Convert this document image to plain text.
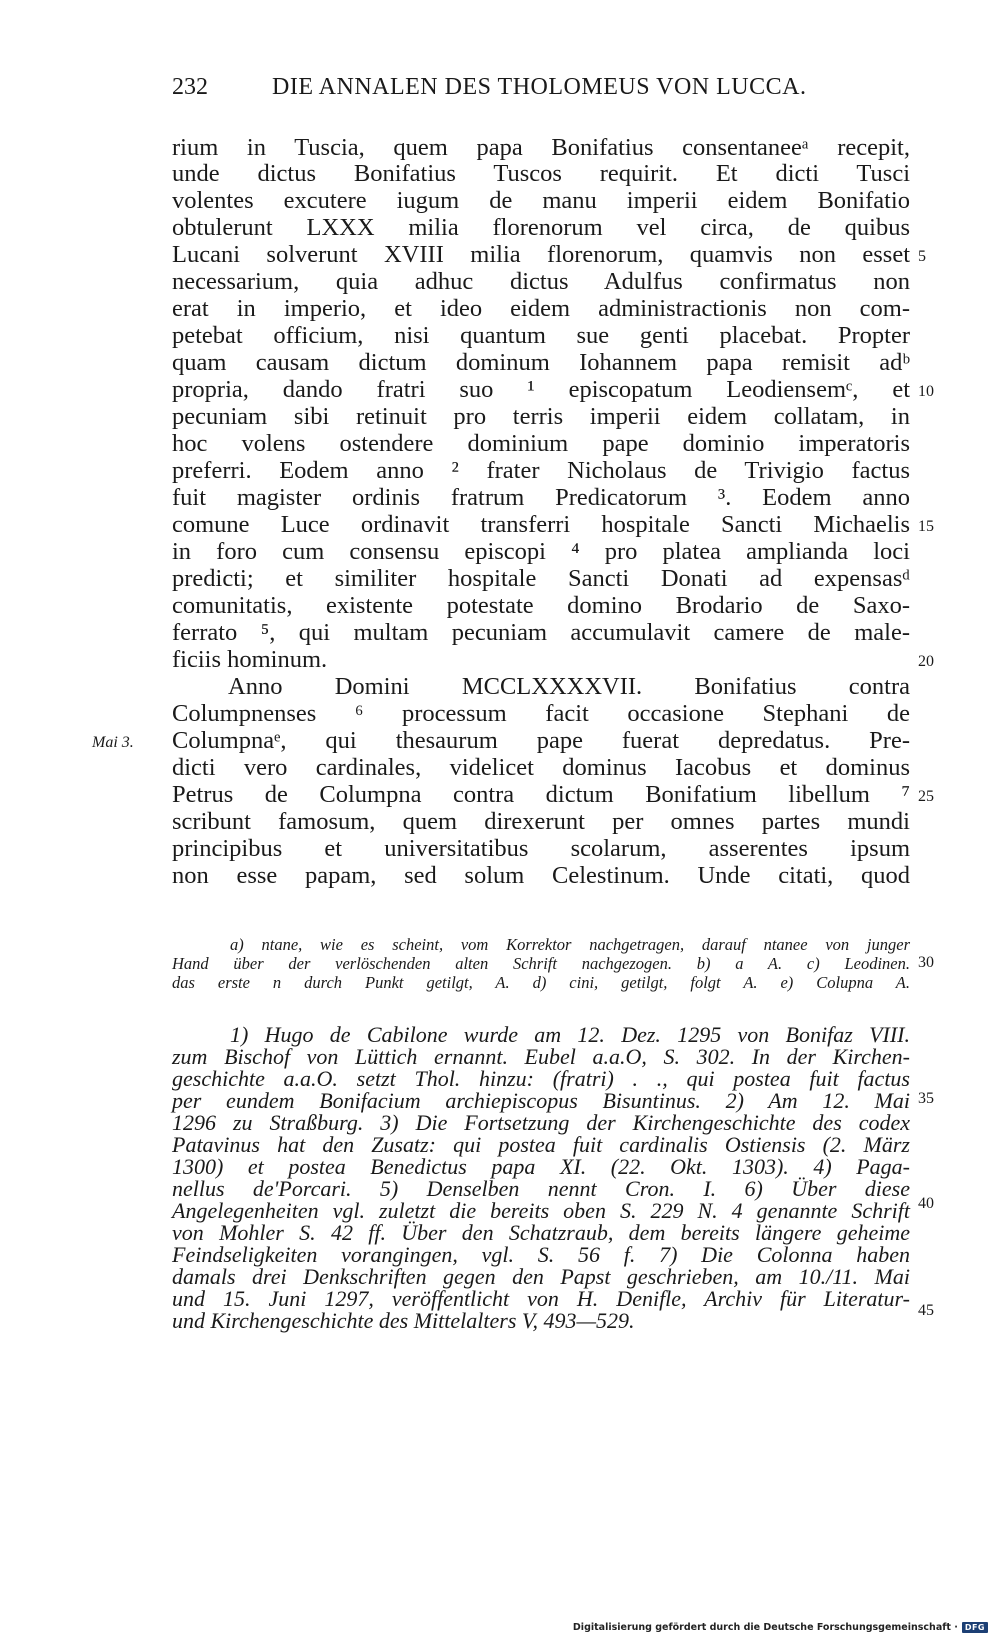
232	DIE ANNALEN DES THOLOMEUS VON LUCCA.
rium in Tuscia, quem papa Bonifatius consentaneeᵃ recepit,
unde dictus Bonifatius Tuscos requirit. Et dicti Tusci
volentes excutere iugum de manu imperii eidem Bonifatio
obtulerunt LXXX milia florenorum vel circa, de quibus
Lucani solverunt XVIII milia florenorum, quamvis non esset
necessarium, quia adhuc dictus Adulfus confirmatus non
erat in imperio, et ideo eidem administractionis non com-
petebat officium, nisi quantum sue genti placebat. Propter
quam causam dictum dominum Iohannem papa remisit adᵇ
propria, dando fratri suo ¹ episcopatum Leodiensemᶜ, et
pecuniam sibi retinuit pro terris imperii eidem collatam, in
hoc volens ostendere dominium pape dominio imperatoris
preferri. Eodem anno ² frater Nicholaus de Trivigio factus
fuit magister ordinis fratrum Predicatorum ³. Eodem anno
comune Luce ordinavit transferri hospitale Sancti Michaelis
in foro cum consensu episcopi ⁴ pro platea amplianda loci
predicti; et similiter hospitale Sancti Donati ad expensasᵈ
comunitatis, existente potestate domino Brodario de Saxo-
ferrato ⁵, qui multam pecuniam accumulavit camere de male-
ficiis hominum.
Anno Domini MCCLXXXXVII. Bonifatius contra
Columpnenses ⁶ processum facit occasione Stephani de
Columpnaᵉ, qui thesaurum pape fuerat depredatus. Pre-
dicti vero cardinales, videlicet dominus Iacobus et dominus
Petrus de Columpna contra dictum Bonifatium libellum ⁷
scribunt famosum, quem direxerunt per omnes partes mundi
principibus et universitatibus scolarum, asserentes ipsum
non esse papam, sed solum Celestinum. Unde citati, quod
Mai 3.
5
10
15
20
25
30
35
40
45
a) ntane, wie es scheint, vom Korrektor nachgetragen, darauf ntanee von junger
Hand über der verlöschenden alten Schrift nachgezogen. b) a A. c) Leodinen.
das erste n durch Punkt getilgt, A. d) cini, getilgt, folgt A. e) Colupna A.
1) Hugo de Cabilone wurde am 12. Dez. 1295 von Bonifaz VIII.
zum Bischof von Lüttich ernannt. Eubel a.a.O, S. 302. In der Kirchen-
geschichte a.a.O. setzt Thol. hinzu: (fratri) . ., qui postea fuit factus
per eundem Bonifacium archiepiscopus Bisuntinus. 2) Am 12. Mai
1296 zu Straßburg. 3) Die Fortsetzung der Kirchengeschichte des codex
Patavinus hat den Zusatz: qui postea fuit cardinalis Ostiensis (2. März
1300) et postea Benedictus papa XI. (22. Okt. 1303). 4) Paga-
nellus de'Porcari. 5) Denselben nennt Cron. I. 6) Über diese
Angelegenheiten vgl. zuletzt die bereits oben S. 229 N. 4 genannte Schrift
von Mohler S. 42 ff. Über den Schatzraub, dem bereits längere geheime
Feindseligkeiten vorangingen, vgl. S. 56 f. 7) Die Colonna haben
damals drei Denkschriften gegen den Papst geschrieben, am 10./11. Mai
und 15. Juni 1297, veröffentlicht von H. Denifle, Archiv für Literatur-
und Kirchengeschichte des Mittelalters V, 493—529.
Digitalisierung gefördert durch die Deutsche Forschungsgemeinschaft · DFG
